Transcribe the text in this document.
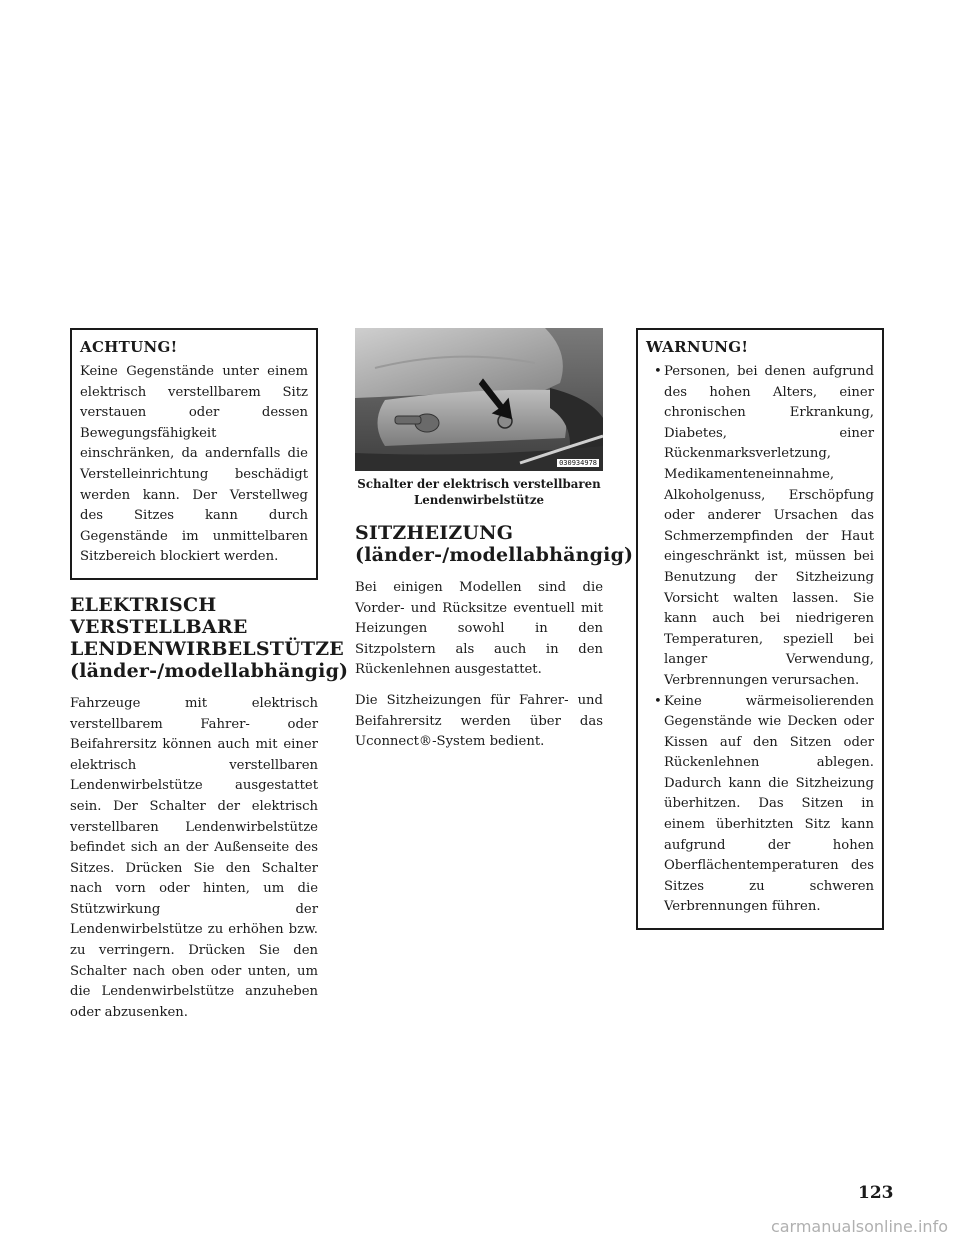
ACHTUNG!

Keine Gegenstände unter einem elektrisch verstellbarem Sitz verstauen oder dessen Bewegungsfähigkeit einschränken, da andernfalls die Verstelleinrichtung beschädigt werden kann. Der Verstellweg des Sitzes kann durch Gegenstände im unmittelbaren Sitzbereich blockiert werden.

ELEKTRISCH VERSTELLBARE LENDENWIRBELSTÜTZE (länder-/modellabhängig)

Fahrzeuge mit elektrisch verstellbarem Fahrer- oder Beifahrersitz können auch mit einer elektrisch verstellbaren Lendenwirbelstütze ausgestattet sein. Der Schalter der elektrisch verstellbaren Lendenwirbelstütze befindet sich an der Außenseite des Sitzes. Drücken Sie den Schalter nach vorn oder hinten, um die Stützwirkung der Lendenwirbelstütze zu erhöhen bzw. zu verringern. Drücken Sie den Schalter nach oben oder unten, um die Lendenwirbelstütze anzuheben oder abzusenken.

030934978
Schalter der elektrisch verstellbaren Lendenwirbelstütze
SITZHEIZUNG (länder-/modellabhängig)

Bei einigen Modellen sind die Vorder- und Rücksitze eventuell mit Heizungen sowohl in den Sitzpolstern als auch in den Rückenlehnen ausgestattet.

Die Sitzheizungen für Fahrer- und Beifahrersitz werden über das Uconnect®-System bedient.

WARNUNG!
• Personen, bei denen aufgrund des hohen Alters, einer chronischen Erkrankung, Diabetes, einer Rückenmarksverletzung, Medikamenteneinnahme, Alkoholgenuss, Erschöpfung oder anderer Ursachen das Schmerzempfinden der Haut eingeschränkt ist, müssen bei Benutzung der Sitzheizung Vorsicht walten lassen. Sie kann auch bei niedrigeren Temperaturen, speziell bei langer Verwendung, Verbrennungen verursachen.
• Keine wärmeisolierenden Gegenstände wie Decken oder Kissen auf den Sitzen oder Rückenlehnen ablegen. Dadurch kann die Sitzheizung überhitzen. Das Sitzen in einem überhitzten Sitz kann aufgrund der hohen Oberflächentemperaturen des Sitzes zu schweren Verbrennungen führen.
123
carmanualsonline.info
